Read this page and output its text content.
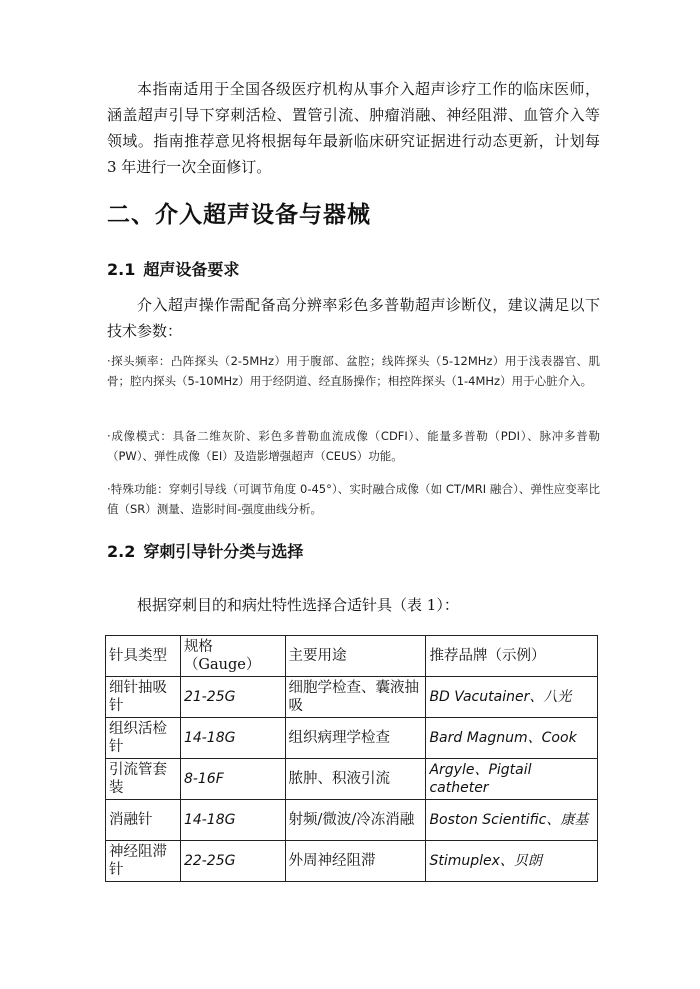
本指南适用于全国各级医疗机构从事介入超声诊疗工作的临床医师，涵盖超声引导下穿刺活检、置管引流、肿瘤消融、神经阻滞、血管介入等领域。指南推荐意见将根据每年最新临床研究证据进行动态更新，计划每 3 年进行一次全面修订。

二、介入超声设备与器械
2.1 超声设备要求

介入超声操作需配备高分辨率彩色多普勒超声诊断仪，建议满足以下技术参数：

·探头频率：凸阵探头（2-5MHz）用于腹部、盆腔；线阵探头（5-12MHz）用于浅表器官、肌骨；腔内探头（5-10MHz）用于经阴道、经直肠操作；相控阵探头（1-4MHz）用于心脏介入。

·成像模式：具备二维灰阶、彩色多普勒血流成像（CDFI）、能量多普勒（PDI）、脉冲多普勒（PW）、弹性成像（EI）及造影增强超声（CEUS）功能。

·特殊功能：穿刺引导线（可调节角度 0-45°）、实时融合成像（如 CT/MRI 融合）、弹性应变率比值（SR）测量、造影时间-强度曲线分析。

2.2 穿刺引导针分类与选择

根据穿刺目的和病灶特性选择合适针具（表 1）：

针具类型	规格（Gauge）	主要用途	推荐品牌（示例）
细针抽吸针	21-25G	细胞学检查、囊液抽吸	BD Vacutainer、八光
组织活检针	14-18G	组织病理学检查	Bard Magnum、Cook
引流管套装	8-16F	脓肿、积液引流	Argyle、Pigtail catheter
消融针	14-18G	射频/微波/冷冻消融	Boston Scientific、康基
神经阻滞针	22-25G	外周神经阻滞	Stimuplex、贝朗
